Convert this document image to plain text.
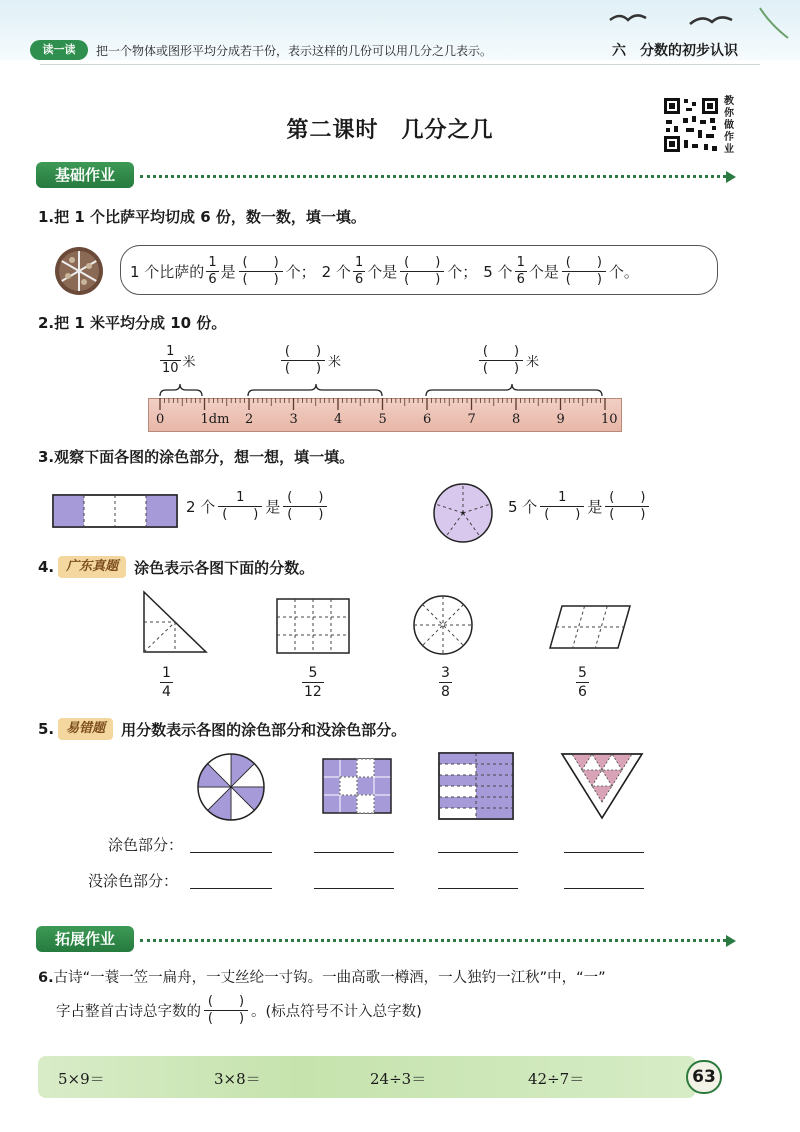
读一读	把一个物体或图形平均分成若干份，表示这样的几份可以用几分之几表示。	六　分数的初步认识
第二课时　几分之几
教你做作业
基础作业
1.把 1 个比萨平均切成 6 份，数一数，填一填。
1 个比萨的 $\frac{1}{6}$ 是 $\frac{( )}{( )}$ 个； 2 个 $\frac{1}{6}$ 个是 $\frac{( )}{( )}$ 个； 5 个 $\frac{1}{6}$ 个是 $\frac{( )}{( )}$ 个。
2.把 1 米平均分成 10 份。
$\frac{1}{10}$ 米	$\frac{( )}{( )}$ 米	$\frac{( )}{( )}$ 米
0	1dm 2	3	4	5	6	7	8	9	10
3.观察下面各图的涂色部分，想一想，填一填。
2 个 $\frac{1}{( )}$ 是 $\frac{( )}{( )}$	5 个 $\frac{1}{( )}$ 是 $\frac{( )}{( )}$
4. 广东真题	涂色表示各图下面的分数。
$\frac{1}{4}$	$\frac{5}{12}$	$\frac{3}{8}$	$\frac{5}{6}$
5. 易错题	用分数表示各图的涂色部分和没涂色部分。
涂色部分：
没涂色部分：
拓展作业
6.古诗“一蓑一笠一扁舟，一丈丝纶一寸钩。一曲高歌一樽酒，一人独钓一江秋”中，“一”
字占整首古诗总字数的 $\frac{( )}{( )}$ 。(标点符号不计入总字数)
5×9＝	3×8＝	24÷3＝	42÷7＝	63
